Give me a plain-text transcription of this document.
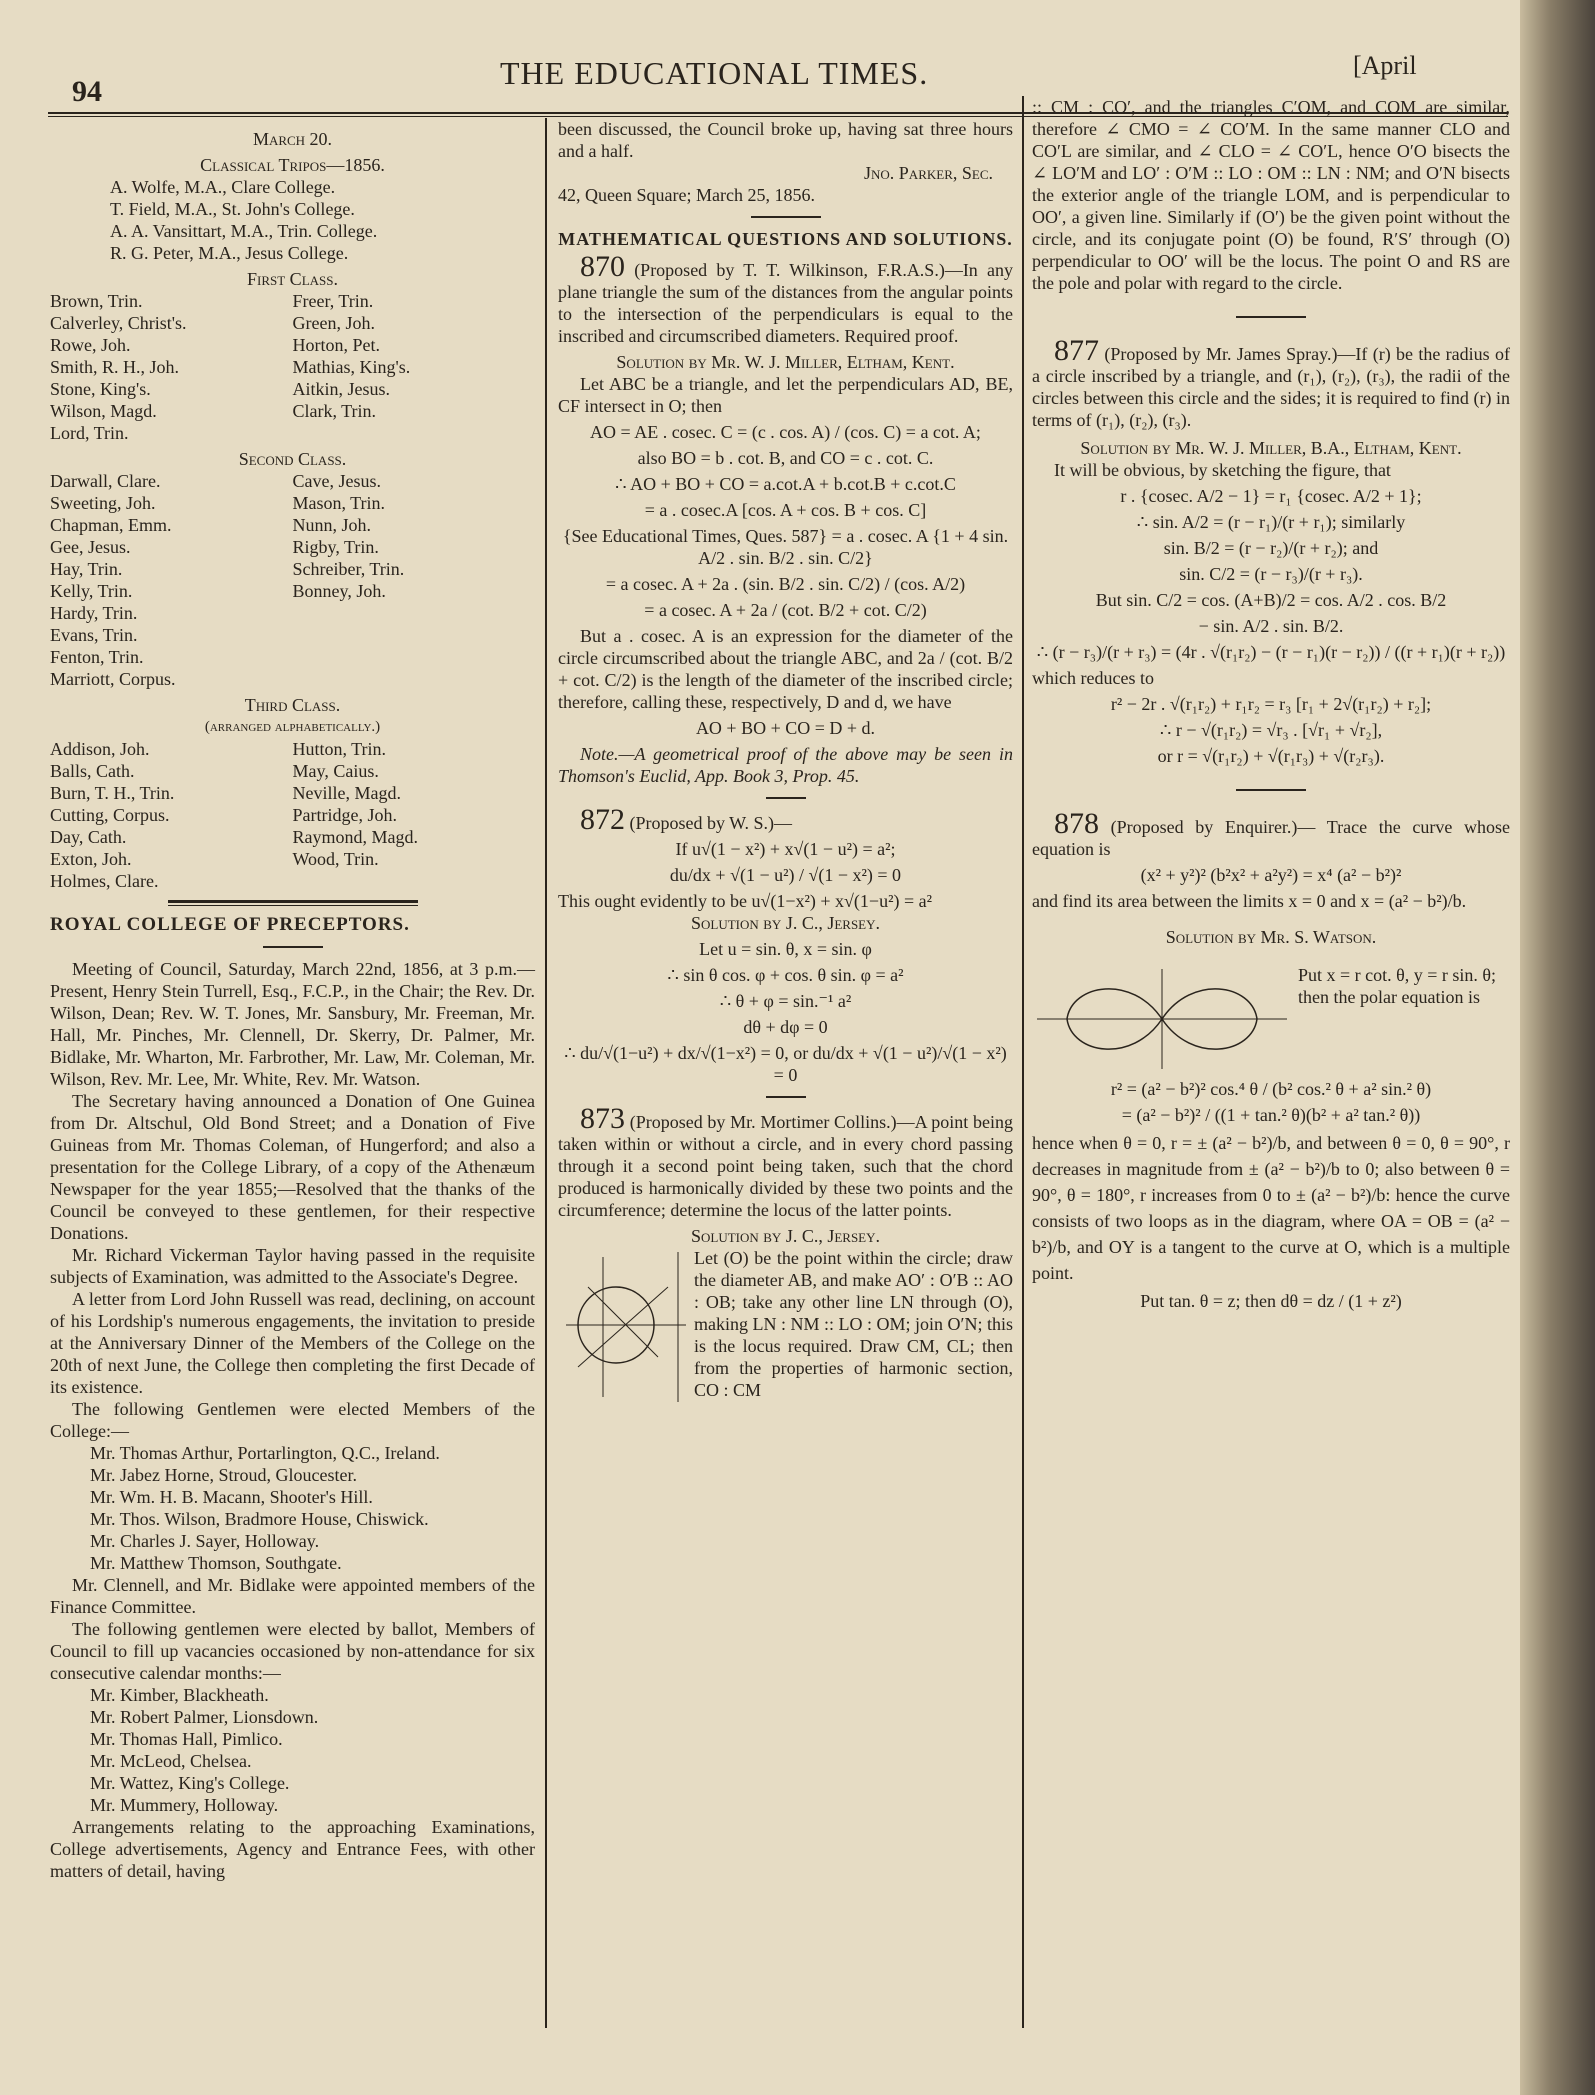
94
THE EDUCATIONAL TIMES.	[April

March 20.

Classical Tripos—1856.

A. Wolfe, M.A., Clare College.

T. Field, M.A., St. John's College.

A. A. Vansittart, M.A., Trin. College.

R. G. Peter, M.A., Jesus College.

First Class.

Brown, Trin.

Calverley, Christ's.

Rowe, Joh.

Smith, R. H., Joh.

Stone, King's.

Wilson, Magd.

Lord, Trin.

Freer, Trin.

Green, Joh.

Horton, Pet.

Mathias, King's.

Aitkin, Jesus.

Clark, Trin.

Second Class.

Darwall, Clare.

Sweeting, Joh.

Chapman, Emm.

Gee, Jesus.

Hay, Trin.

Kelly, Trin.

Hardy, Trin.

Evans, Trin.

Fenton, Trin.

Marriott, Corpus.

Cave, Jesus.

Mason, Trin.

Nunn, Joh.

Rigby, Trin.

Schreiber, Trin.

Bonney, Joh.

Third Class.

(arranged alphabetically.)

Addison, Joh.

Balls, Cath.

Burn, T. H., Trin.

Cutting, Corpus.

Day, Cath.

Exton, Joh.

Holmes, Clare.

Hutton, Trin.

May, Caius.

Neville, Magd.

Partridge, Joh.

Raymond, Magd.

Wood, Trin.

ROYAL COLLEGE OF PRECEPTORS.

Meeting of Council, Saturday, March 22nd, 1856, at 3 p.m.—Present, Henry Stein Turrell, Esq., F.C.P., in the Chair; the Rev. Dr. Wilson, Dean; Rev. W. T. Jones, Mr. Sansbury, Mr. Freeman, Mr. Hall, Mr. Pinches, Mr. Clennell, Dr. Skerry, Dr. Palmer, Mr. Bidlake, Mr. Wharton, Mr. Farbrother, Mr. Law, Mr. Coleman, Mr. Wilson, Rev. Mr. Lee, Mr. White, Rev. Mr. Watson.

The Secretary having announced a Donation of One Guinea from Dr. Altschul, Old Bond Street; and a Donation of Five Guineas from Mr. Thomas Coleman, of Hungerford; and also a presentation for the College Library, of a copy of the Athenæum Newspaper for the year 1855;—Resolved that the thanks of the Council be conveyed to these gentlemen, for their respective Donations.

Mr. Richard Vickerman Taylor having passed in the requisite subjects of Examination, was admitted to the Associate's Degree.

A letter from Lord John Russell was read, declining, on account of his Lordship's numerous engagements, the invitation to preside at the Anniversary Dinner of the Members of the College on the 20th of next June, the College then completing the first Decade of its existence.

The following Gentlemen were elected Members of the College:—

Mr. Thomas Arthur, Portarlington, Q.C., Ireland.

Mr. Jabez Horne, Stroud, Gloucester.

Mr. Wm. H. B. Macann, Shooter's Hill.

Mr. Thos. Wilson, Bradmore House, Chiswick.

Mr. Charles J. Sayer, Holloway.

Mr. Matthew Thomson, Southgate.

Mr. Clennell, and Mr. Bidlake were appointed members of the Finance Committee.

The following gentlemen were elected by ballot, Members of Council to fill up vacancies occasioned by non-attendance for six consecutive calendar months:—

Mr. Kimber, Blackheath.

Mr. Robert Palmer, Lionsdown.

Mr. Thomas Hall, Pimlico.

Mr. McLeod, Chelsea.

Mr. Wattez, King's College.

Mr. Mummery, Holloway.

Arrangements relating to the approaching Examinations, College advertisements, Agency and Entrance Fees, with other matters of detail, having

been discussed, the Council broke up, having sat three hours and a half.

Jno. Parker, Sec.

42, Queen Square; March 25, 1856.

MATHEMATICAL QUESTIONS AND SOLUTIONS.

870 (Proposed by T. T. Wilkinson, F.R.A.S.)—In any plane triangle the sum of the distances from the angular points to the intersection of the perpendiculars is equal to the inscribed and circumscribed diameters. Required proof.

Solution by Mr. W. J. Miller, Eltham, Kent.

Let ABC be a triangle, and let the perpendiculars AD, BE, CF intersect in O; then

AO = AE . cosec. C = (c . cos. A) / (cos. C) = a cot. A;

also BO = b . cot. B, and CO = c . cot. C.

∴ AO + BO + CO = a.cot.A + b.cot.B + c.cot.C

= a . cosec.A [cos. A + cos. B + cos. C]

{See Educational Times, Ques. 587} = a . cosec. A {1 + 4 sin. A/2 . sin. B/2 . sin. C/2}

= a cosec. A + 2a . (sin. B/2 . sin. C/2) / (cos. A/2)

= a cosec. A + 2a / (cot. B/2 + cot. C/2)

But a . cosec. A is an expression for the diameter of the circle circumscribed about the triangle ABC, and 2a / (cot. B/2 + cot. C/2) is the length of the diameter of the inscribed circle; therefore, calling these, respectively, D and d, we have

AO + BO + CO = D + d.

Note.—A geometrical proof of the above may be seen in Thomson's Euclid, App. Book 3, Prop. 45.

872 (Proposed by W. S.)—

If u√(1 − x²) + x√(1 − u²) = a²;

du/dx + √(1 − u²) / √(1 − x²) = 0

This ought evidently to be u√(1−x²) + x√(1−u²) = a²

Solution by J. C., Jersey.

Let u = sin. θ, x = sin. φ

∴ sin θ cos. φ + cos. θ sin. φ = a²

∴ θ + φ = sin.⁻¹ a²

dθ + dφ = 0

∴ du/√(1−u²) + dx/√(1−x²) = 0, or du/dx + √(1 − u²)/√(1 − x²) = 0

873 (Proposed by Mr. Mortimer Collins.)—A point being taken within or without a circle, and in every chord passing through it a second point being taken, such that the chord produced is harmonically divided by these two points and the circumference; determine the locus of the latter points.

Solution by J. C., Jersey.

Let (O) be the point within the circle; draw the diameter AB, and make AO′ : O′B :: AO : OB; take any other line LN through (O), making LN : NM :: LO : OM; join O′N; this is the locus required. Draw CM, CL; then from the properties of harmonic section, CO : CM

:: CM : CO′, and the triangles C′OM, and COM are similar, therefore ∠ CMO = ∠ CO′M. In the same manner CLO and CO′L are similar, and ∠ CLO = ∠ CO′L, hence O′O bisects the ∠ LO′M and LO′ : O′M :: LO : OM :: LN : NM; and O′N bisects the exterior angle of the triangle LOM, and is perpendicular to OO′, a given line. Similarly if (O′) be the given point without the circle, and its conjugate point (O) be found, R′S′ through (O) perpendicular to OO′ will be the locus. The point O and RS are the pole and polar with regard to the circle.

877 (Proposed by Mr. James Spray.)—If (r) be the radius of a circle inscribed by a triangle, and (r₁), (r₂), (r₃), the radii of the circles between this circle and the sides; it is required to find (r) in terms of (r₁), (r₂), (r₃).

Solution by Mr. W. J. Miller, B.A., Eltham, Kent.

It will be obvious, by sketching the figure, that

r . {cosec. A/2 − 1} = r₁ {cosec. A/2 + 1};

∴ sin. A/2 = (r − r₁)/(r + r₁); similarly

sin. B/2 = (r − r₂)/(r + r₂); and

sin. C/2 = (r − r₃)/(r + r₃).

But sin. C/2 = cos. (A+B)/2 = cos. A/2 . cos. B/2

− sin. A/2 . sin. B/2.

∴ (r − r₃)/(r + r₃) = (4r . √(r₁r₂) − (r − r₁)(r − r₂)) / ((r + r₁)(r + r₂))

which reduces to

r² − 2r . √(r₁r₂) + r₁r₂ = r₃ [r₁ + 2√(r₁r₂) + r₂];

∴ r − √(r₁r₂) = √r₃ . [√r₁ + √r₂],

or r = √(r₁r₂) + √(r₁r₃) + √(r₂r₃).

878 (Proposed by Enquirer.)— Trace the curve whose equation is

(x² + y²)² (b²x² + a²y²) = x⁴ (a² − b²)²

and find its area between the limits x = 0 and x = (a² − b²)/b.

Solution by Mr. S. Watson.

Put x = r cot. θ, y = r sin. θ; then the polar equation is

r² = (a² − b²)² cos.⁴ θ / (b² cos.² θ + a² sin.² θ)

= (a² − b²)² / ((1 + tan.² θ)(b² + a² tan.² θ))

hence when θ = 0, r = ± (a² − b²)/b, and between θ = 0, θ = 90°, r decreases in magnitude from ± (a² − b²)/b to 0; also between θ = 90°, θ = 180°, r increases from 0 to ± (a² − b²)/b: hence the curve consists of two loops as in the diagram, where OA = OB = (a² − b²)/b, and OY is a tangent to the curve at O, which is a multiple point.

Put tan. θ = z; then dθ = dz / (1 + z²)
